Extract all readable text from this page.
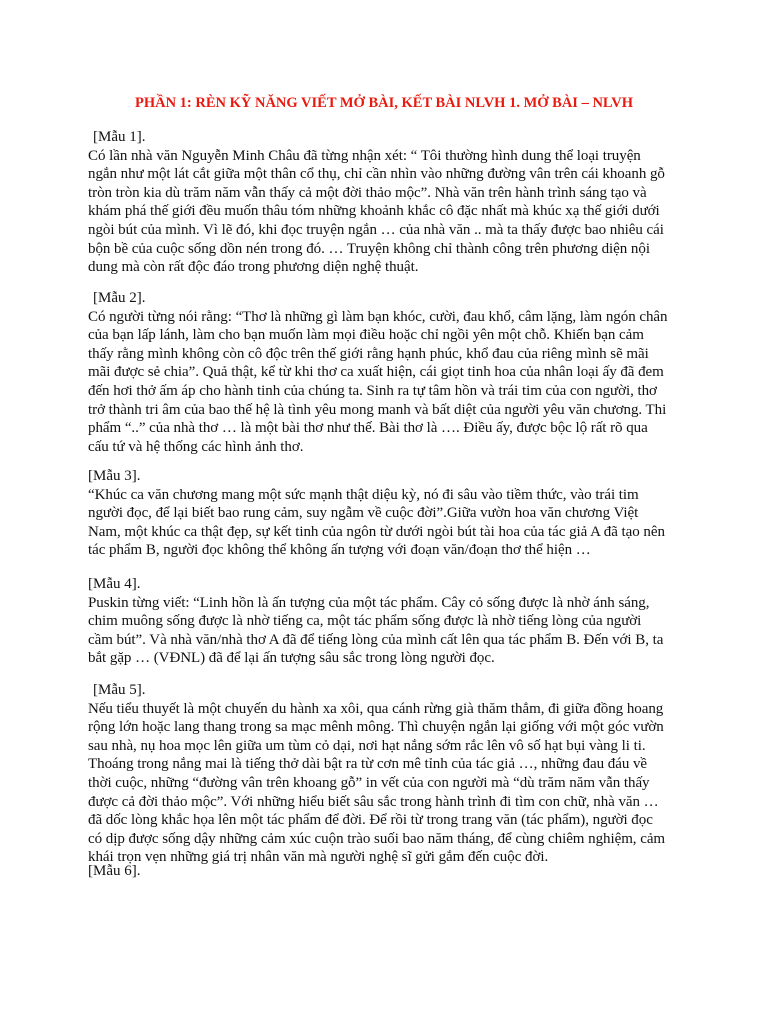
PHẦN 1: RÈN KỸ NĂNG VIẾT MỞ BÀI, KẾT BÀI NLVH 1. MỞ BÀI – NLVH
[Mẫu 1].
Có lần nhà văn Nguyễn Minh Châu đã từng nhận xét: “ Tôi thường hình dung thể loại truyện
ngắn như một lát cắt giữa một thân cổ thụ, chỉ cần nhìn vào những đường vân trên cái khoanh gỗ
tròn tròn kia dù trăm năm vẫn thấy cả một đời thảo mộc”. Nhà văn trên hành trình sáng tạo và
khám phá thế giới đều muốn thâu tóm những khoảnh khắc cô đặc nhất mà khúc xạ thế giới dưới
ngòi bút của mình. Vì lẽ đó, khi đọc truyện ngắn … của nhà văn .. mà ta thấy được bao nhiêu cái
bộn bề của cuộc sống dồn nén trong đó. … Truyện không chỉ thành công trên phương diện nội
dung mà còn rất độc đáo trong phương diện nghệ thuật.
[Mẫu 2].
Có người từng nói rằng: “Thơ là những gì làm bạn khóc, cười, đau khổ, câm lặng, làm ngón chân
của bạn lấp lánh, làm cho bạn muốn làm mọi điều hoặc chỉ ngồi yên một chỗ. Khiến bạn cảm
thấy rằng mình không còn cô độc trên thế giới rằng hạnh phúc, khổ đau của riêng mình sẽ mãi
mãi được sẻ chia”. Quả thật, kể từ khi thơ ca xuất hiện, cái giọt tinh hoa của nhân loại ấy đã đem
đến hơi thở ấm áp cho hành tinh của chúng ta. Sinh ra tự tâm hồn và trái tim của con người, thơ
trở thành tri âm của bao thế hệ là tình yêu mong manh và bất diệt của người yêu văn chương. Thi
phẩm “..” của nhà thơ … là một bài thơ như thế. Bài thơ là …. Điều ấy, được bộc lộ rất rõ qua
cấu tứ và hệ thống các hình ảnh thơ.
[Mẫu 3].
“Khúc ca văn chương mang một sức mạnh thật diệu kỳ, nó đi sâu vào tiềm thức, vào trái tim
người đọc, để lại biết bao rung cảm, suy ngẫm về cuộc đời”.Giữa vườn hoa văn chương Việt
Nam, một khúc ca thật đẹp, sự kết tinh của ngôn từ dưới ngòi bút tài hoa của tác giả A đã tạo nên
tác phẩm B, người đọc không thể không ấn tượng với đoạn văn/đoạn thơ thể hiện …
[Mẫu 4].
Puskin từng viết: “Linh hồn là ấn tượng của một tác phẩm. Cây cỏ sống được là nhờ ánh sáng,
chim muông sống được là nhờ tiếng ca, một tác phẩm sống được là nhờ tiếng lòng của người
cầm bút”. Và nhà văn/nhà thơ A đã để tiếng lòng của mình cất lên qua tác phẩm B. Đến với B, ta
bắt gặp … (VĐNL) đã để lại ấn tượng sâu sắc trong lòng người đọc.
[Mẫu 5].
Nếu tiểu thuyết là một chuyến du hành xa xôi, qua cánh rừng già thăm thẳm, đi giữa đồng hoang
rộng lớn hoặc lang thang trong sa mạc mênh mông. Thì chuyện ngắn lại giống với một góc vườn
sau nhà, nụ hoa mọc lên giữa um tùm cỏ dại, nơi hạt nắng sớm rắc lên vô số hạt bụi vàng li ti.
Thoáng trong nắng mai là tiếng thở dài bật ra từ cơn mê tỉnh của tác giả …, những đau đáu về
thời cuộc, những “đường vân trên khoang gỗ” in vết của con người mà “dù trăm năm vẫn thấy
được cả đời thảo mộc”. Với những hiểu biết sâu sắc trong hành trình đi tìm con chữ, nhà văn …
đã dốc lòng khắc họa lên một tác phẩm để đời. Để rồi từ trong trang văn (tác phẩm), người đọc
có dịp được sống dậy những cảm xúc cuộn trào suối bao năm tháng, để cùng chiêm nghiệm, cảm
khái trọn vẹn những giá trị nhân văn mà người nghệ sĩ gửi gắm đến cuộc đời.
[Mẫu 6].
